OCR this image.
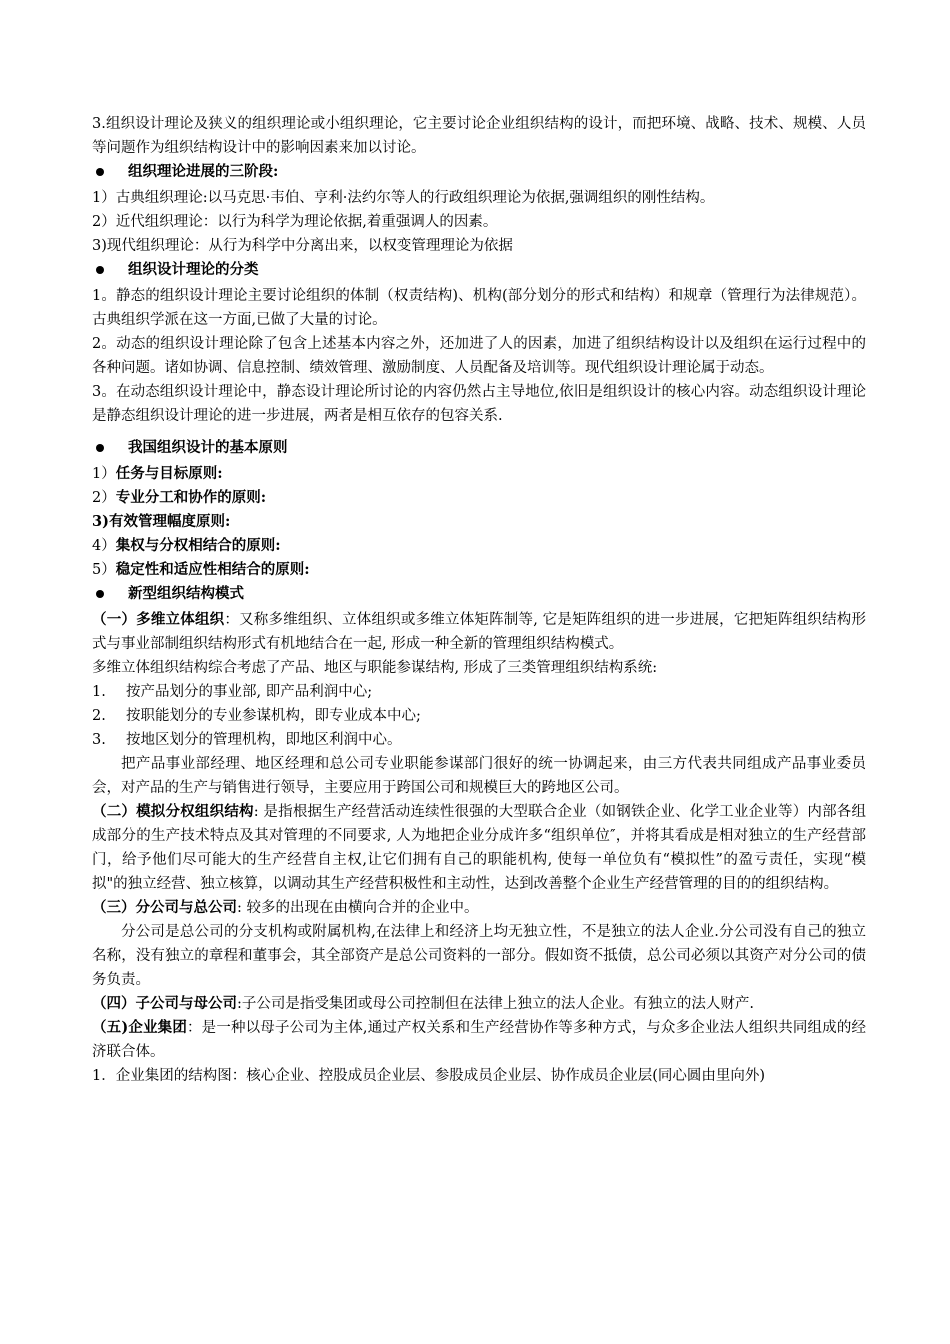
3.组织设计理论及狭义的组织理论或小组织理论，它主要讨论企业组织结构的设计，而把环境、战略、技术、规模、人员等问题作为组织结构设计中的影响因素来加以讨论。

组织理论进展的三阶段:

1）古典组织理论:以马克思·韦伯、亨利·法约尔等人的行政组织理论为依据,强调组织的刚性结构。

2）近代组织理论：以行为科学为理论依据,着重强调人的因素。

3)现代组织理论：从行为科学中分离出来，以权变管理理论为依据

组织设计理论的分类

1。静态的组织设计理论主要讨论组织的体制（权责结构)、机构(部分划分的形式和结构）和规章（管理行为法律规范）。古典组织学派在这一方面,已做了大量的讨论。

2。动态的组织设计理论除了包含上述基本内容之外，还加进了人的因素，加进了组织结构设计以及组织在运行过程中的各种问题。诸如协调、信息控制、绩效管理、激励制度、人员配备及培训等。现代组织设计理论属于动态。

3。在动态组织设计理论中，静态设计理论所讨论的内容仍然占主导地位,依旧是组织设计的核心内容。动态组织设计理论是静态组织设计理论的进一步进展，两者是相互依存的包容关系.

我国组织设计的基本原则

1）任务与目标原则:

2）专业分工和协作的原则:

3)有效管理幅度原则:

4）集权与分权相结合的原则:

5）稳定性和适应性相结合的原则:

新型组织结构模式

（一）多维立体组织：又称多维组织、立体组织或多维立体矩阵制等, 它是矩阵组织的进一步进展，它把矩阵组织结构形式与事业部制组织结构形式有机地结合在一起, 形成一种全新的管理组织结构模式。

多维立体组织结构综合考虑了产品、地区与职能参谋结构, 形成了三类管理组织结构系统:

1.	按产品划分的事业部, 即产品利润中心;

2.	按职能划分的专业参谋机构，即专业成本中心;

3.	按地区划分的管理机构，即地区利润中心。

把产品事业部经理、地区经理和总公司专业职能参谋部门很好的统一协调起来，由三方代表共同组成产品事业委员会，对产品的生产与销售进行领导，主要应用于跨国公司和规模巨大的跨地区公司。

（二）模拟分权组织结构: 是指根据生产经营活动连续性很强的大型联合企业（如钢铁企业、化学工业企业等）内部各组成部分的生产技术特点及其对管理的不同要求, 人为地把企业分成许多“组织单位″，并将其看成是相对独立的生产经营部门，给予他们尽可能大的生产经营自主权,让它们拥有自己的职能机构, 使每一单位负有“模拟性”的盈亏责任，实现“模拟"的独立经营、独立核算，以调动其生产经营积极性和主动性，达到改善整个企业生产经营管理的目的的组织结构。

（三）分公司与总公司: 较多的出现在由横向合并的企业中。

分公司是总公司的分支机构或附属机构,在法律上和经济上均无独立性，不是独立的法人企业.分公司没有自己的独立名称，没有独立的章程和董事会，其全部资产是总公司资料的一部分。假如资不抵债，总公司必须以其资产对分公司的债务负责。

（四）子公司与母公司:子公司是指受集团或母公司控制但在法律上独立的法人企业。有独立的法人财产.

（五)企业集团：是一种以母子公司为主体,通过产权关系和生产经营协作等多种方式，与众多企业法人组织共同组成的经济联合体。

1．企业集团的结构图：核心企业、控股成员企业层、参股成员企业层、协作成员企业层(同心圆由里向外)
